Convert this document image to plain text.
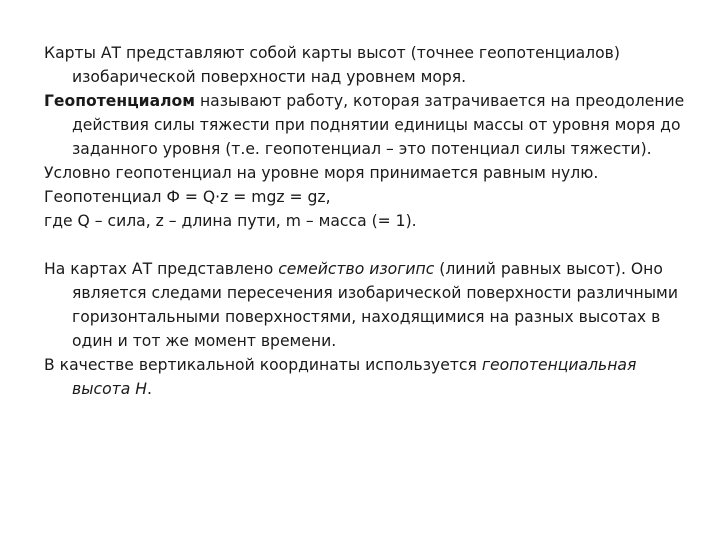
Карты АТ представляют собой карты высот (точнее геопотенциалов) изобарической поверхности над уровнем моря.

Геопотенциалом называют работу, которая затрачивается на преодоление действия силы тяжести при поднятии единицы массы от уровня моря до заданного уровня (т.е. геопотенциал – это потенциал силы тяжести).

Условно геопотенциал на уровне моря принимается равным нулю.

Геопотенциал Ф = Q·z = mgz = gz,

где Q – сила, z – длина пути, m – масса (= 1).

На картах АТ представлено семейство изогипс (линий равных высот). Оно является следами пересечения изобарической поверхности различными горизонтальными поверхностями, находящимися на разных высотах в один и тот же момент времени.

В качестве вертикальной координаты используется геопотенциальная высота Н.
